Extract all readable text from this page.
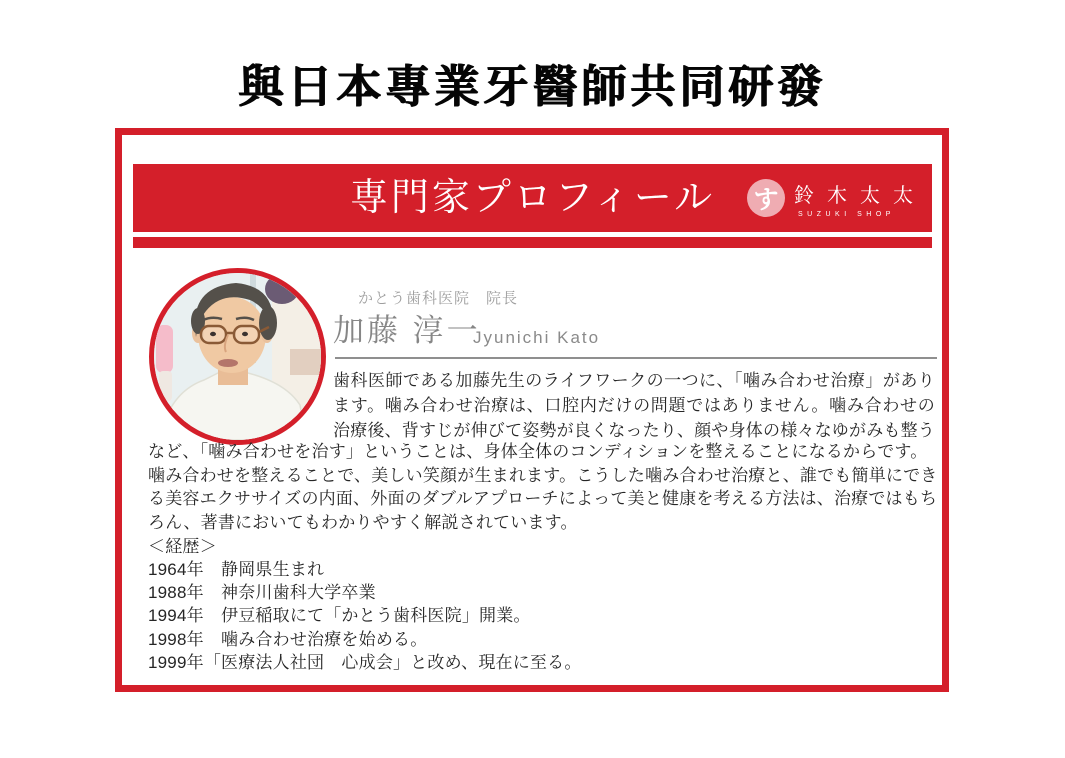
與日本專業牙醫師共同研發
専門家プロフィール	す 鈴木太太
SUZUKI SHOP
かとう歯科医院　院長
加藤 淳一
Jyunichi Kato
歯科医師である加藤先生のライフワークの一つに、「噛み合わせ治療」があり
ます。噛み合わせ治療は、口腔内だけの問題ではありません。噛み合わせの
治療後、背すじが伸びて姿勢が良くなったり、顔や身体の様々なゆがみも整う
など、「噛み合わせを治す」ということは、身体全体のコンディションを整えることになるからです。
噛み合わせを整えることで、美しい笑顔が生まれます。こうした噛み合わせ治療と、誰でも簡単にでき
る美容エクササイズの内面、外面のダブルアプローチによって美と健康を考える方法は、治療ではもち
ろん、著書においてもわかりやすく解説されています。
＜経歴＞
1964年　静岡県生まれ
1988年　神奈川歯科大学卒業
1994年　伊豆稲取にて「かとう歯科医院」開業。
1998年　噛み合わせ治療を始める。
1999年「医療法人社団　心成会」と改め、現在に至る。
